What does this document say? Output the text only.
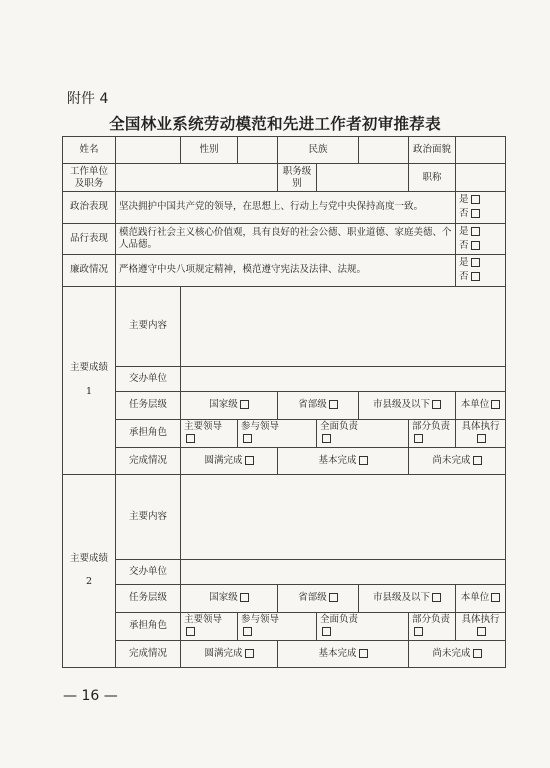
附件 4
全国林业系统劳动模范和先进工作者初审推荐表
姓名		性别		民族			政治面貌	
工作单位及职务				职务级别			职称	
政治表现	坚决拥护中国共产党的领导，在思想上、行动上与党中央保持高度一致。							是
否
品行表现	模范践行社会主义核心价值观，具有良好的社会公德、职业道德、家庭美德、个人品德。							是
否
廉政情况	严格遵守中央八项规定精神，模范遵守宪法及法律、法规。							是
否
主要成绩

1	主要内容							
	交办单位							
	任务层级	国家级		省部级		市县级及以下		本单位
	承担角色	主要领导	参与领导		全面负责		部分负责	具体执行
	完成情况	圆满完成		基本完成			尚未完成	
主要成绩

2	主要内容							
	交办单位							
	任务层级	国家级		省部级		市县级及以下		本单位
	承担角色	主要领导	参与领导		全面负责		部分负责	具体执行
	完成情况	圆满完成		基本完成			尚未完成	
— 16 —
